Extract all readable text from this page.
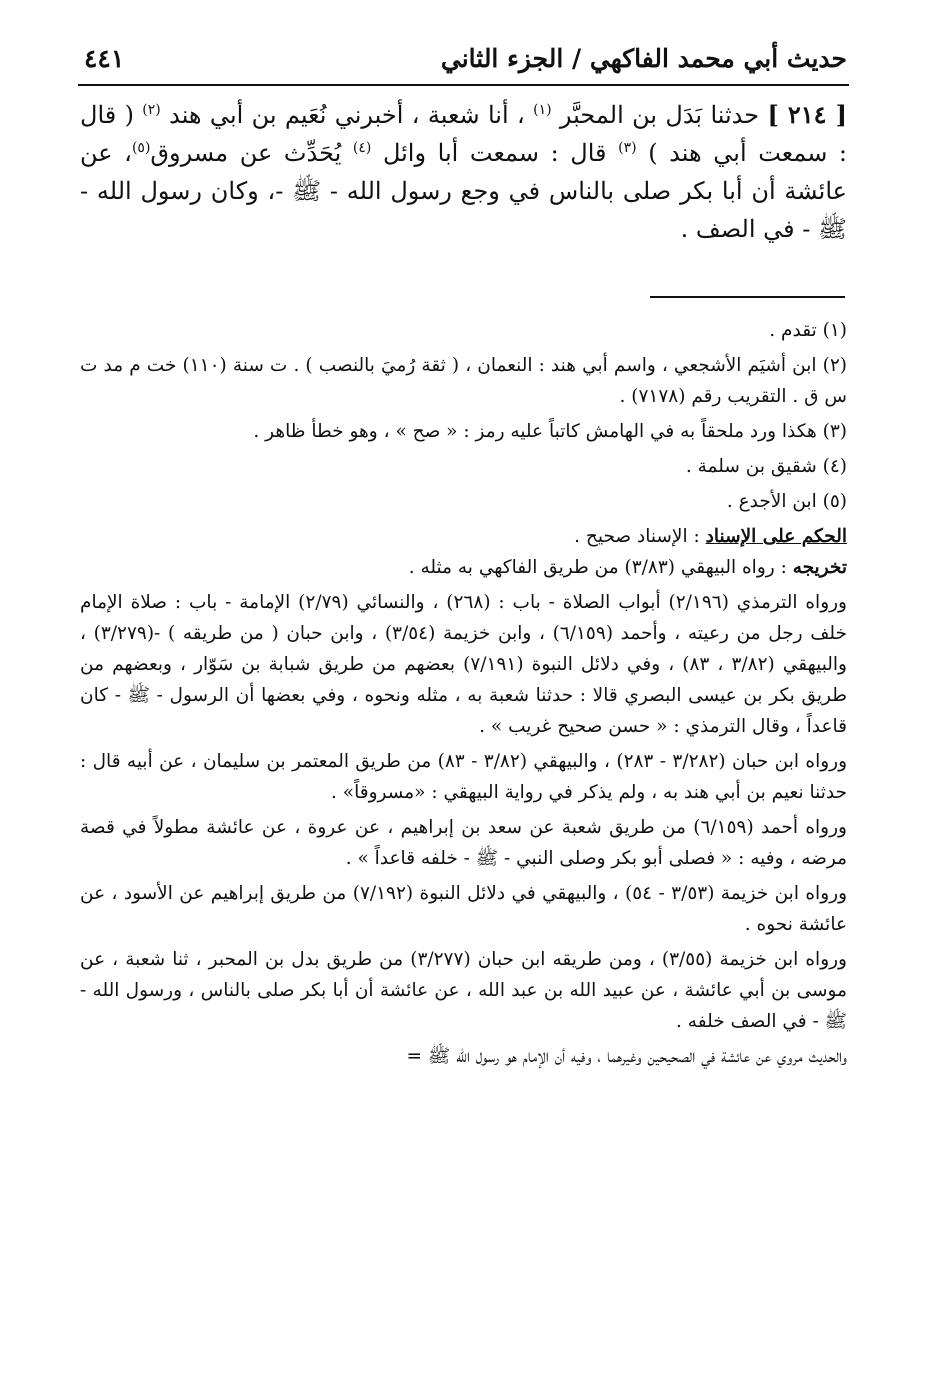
حديث أبي محمد الفاكهي / الجزء الثاني
٤٤١

[ ٢١٤ ] حدثنا بَدَل بن المحبَّر $^{(١)}$ ، أنا شعبة ، أخبرني نُعَيم بن أبي هند $^{(٢)}$ ( قال : سمعت أبي هند ) $^{(٣)}$ قال : سمعت أبا وائل $^{(٤)}$ يُحَدِّث عن مسروق$^{(٥)}$، عن عائشة أن أبا بكر صلى بالناس في وجع رسول الله - ﷺ -، وكان رسول الله - ﷺ - في الصف .

(١) تقدم .

(٢) ابن أشيَم الأشجعي ، واسم أبي هند : النعمان ، ( ثقة رُميَ بالنصب ) . ت سنة (١١٠) خت م مد ت س ق . التقريب رقم (٧١٧٨) .

(٣) هكذا ورد ملحقاً به في الهامش كاتباً عليه رمز : « صح » ، وهو خطأ ظاهر .

(٤) شقيق بن سلمة .

(٥) ابن الأجدع .

الحكم على الإسناد : الإسناد صحيح .

تخريجه : رواه البيهقي (٣/٨٣) من طريق الفاكهي به مثله .

ورواه الترمذي (٢/١٩٦) أبواب الصلاة - باب : (٢٦٨) ، والنسائي (٢/٧٩) الإمامة - باب : صلاة الإمام خلف رجل من رعيته ، وأحمد (٦/١٥٩) ، وابن خزيمة (٣/٥٤) ، وابن حبان ( من طريقه ) -(٣/٢٧٩) ، والبيهقي (٣/٨٢ ، ٨٣) ، وفي دلائل النبوة (٧/١٩١) بعضهم من طريق شبابة بن سَوّار ، وبعضهم من طريق بكر بن عيسى البصري قالا : حدثنا شعبة به ، مثله ونحوه ، وفي بعضها أن الرسول - ﷺ - كان قاعداً ، وقال الترمذي : « حسن صحيح غريب » .

ورواه ابن حبان (٣/٢٨٢ - ٢٨٣) ، والبيهقي (٣/٨٢ - ٨٣) من طريق المعتمر بن سليمان ، عن أبيه قال : حدثنا نعيم بن أبي هند به ، ولم يذكر في رواية البيهقي : «مسروقاً» .

ورواه أحمد (٦/١٥٩) من طريق شعبة عن سعد بن إبراهيم ، عن عروة ، عن عائشة مطولاً في قصة مرضه ، وفيه : « فصلى أبو بكر وصلى النبي - ﷺ - خلفه قاعداً » .

ورواه ابن خزيمة (٣/٥٣ - ٥٤) ، والبيهقي في دلائل النبوة (٧/١٩٢) من طريق إبراهيم عن الأسود ، عن عائشة نحوه .

ورواه ابن خزيمة (٣/٥٥) ، ومن طريقه ابن حبان (٣/٢٧٧) من طريق بدل بن المحبر ، ثنا شعبة ، عن موسى بن أبي عائشة ، عن عبيد الله بن عبد الله ، عن عائشة أن أبا بكر صلى بالناس ، ورسول الله - ﷺ - في الصف خلفه .

والحديث مروي عن عائشة في الصحيحين وغيرهما ، وفيه أن الإمام هو رسول الله ﷺ =
